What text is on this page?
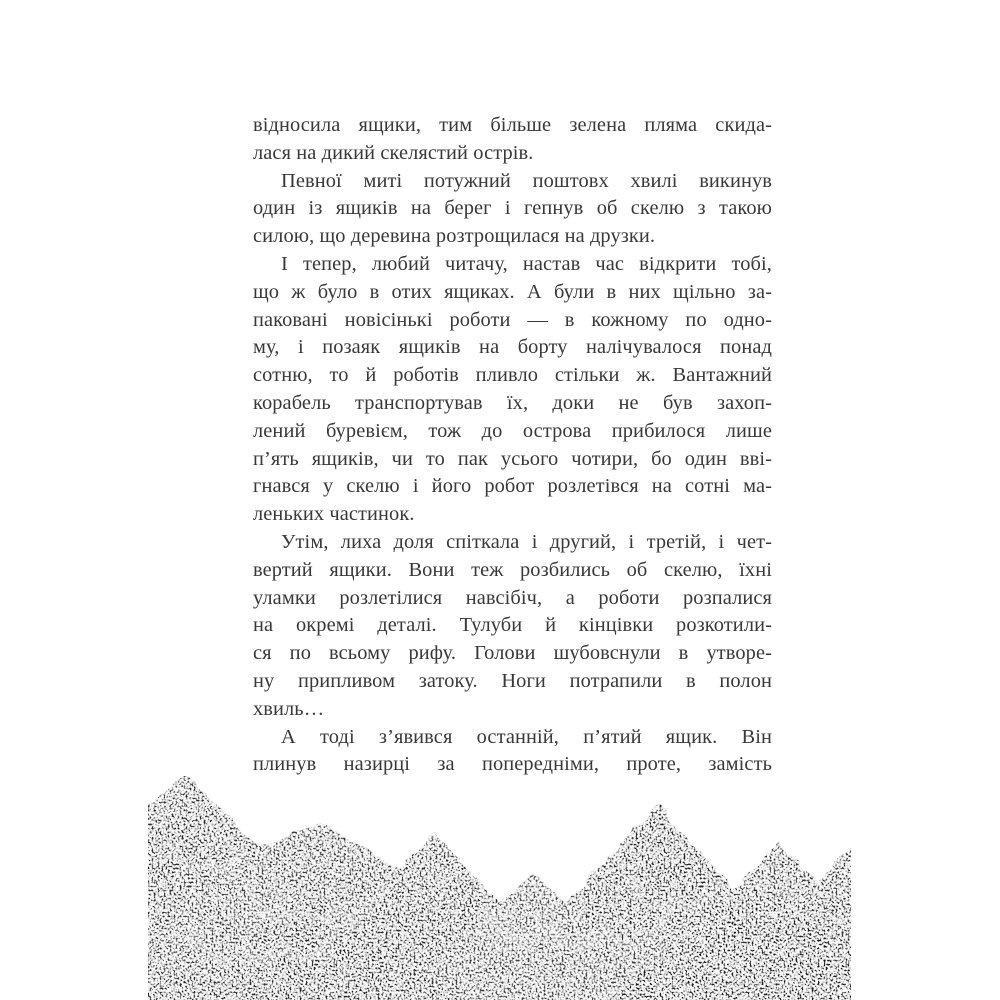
відносила ящики, тим більше зелена пляма скида-
лася на дикий скелястий острів.
Певної миті потужний поштовх хвилі викинув
один із ящиків на берег і гепнув об скелю з такою
силою, що деревина розтрощилася на друзки.
І тепер, любий читачу, настав час відкрити тобі,
що ж було в отих ящиках. А були в них щільно за-
паковані новісінькі роботи — в кожному по одно-
му, і позаяк ящиків на борту налічувалося понад
сотню, то й роботів пливло стільки ж. Вантажний
корабель транспортував їх, доки не був захоп-
лений буревієм, тож до острова прибилося лише
п’ять ящиків, чи то пак усього чотири, бо один вві-
гнався у скелю і його робот розлетівся на сотні ма-
леньких частинок.
Утім, лиха доля спіткала і другий, і третій, і чет-
вертий ящики. Вони теж розбились об скелю, їхні
уламки розлетілися навсібіч, а роботи розпалися
на окремі деталі. Тулуби й кінцівки розкотили-
ся по всьому рифу. Голови шубовснули в утворе-
ну припливом затоку. Ноги потрапили в полон
хвиль…
А тоді з’явився останній, п’ятий ящик. Він
плинув назирці за попередніми, проте, замість
